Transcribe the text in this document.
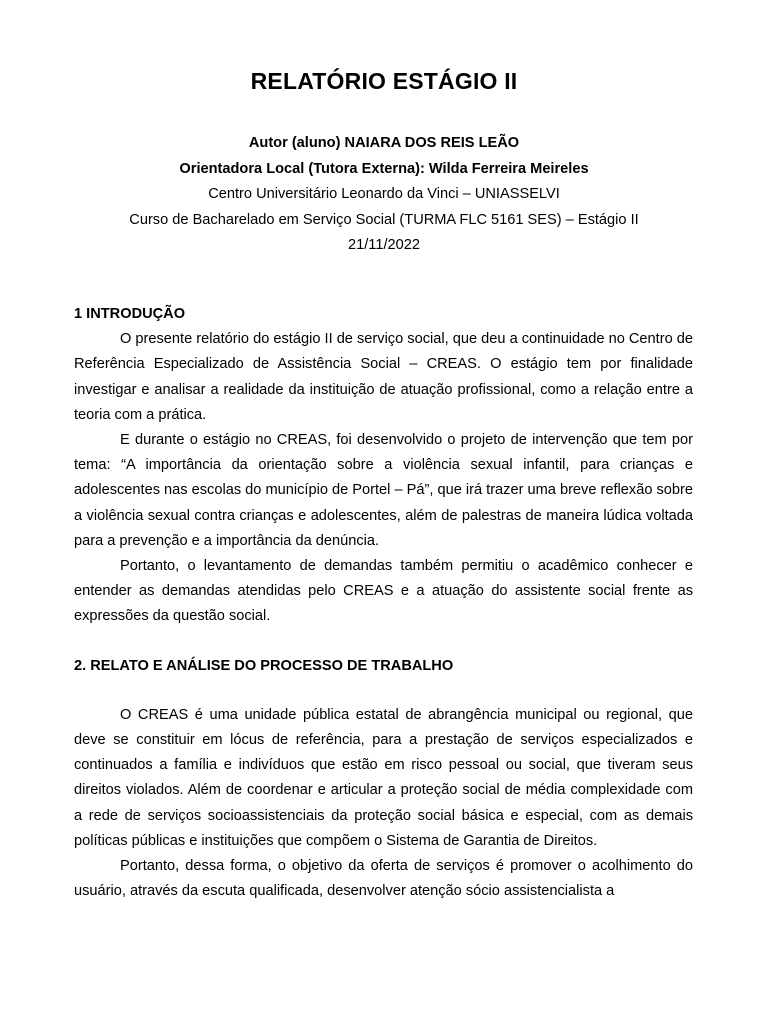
RELATÓRIO ESTÁGIO II
Autor (aluno) NAIARA DOS REIS LEÃO
Orientadora Local (Tutora Externa): Wilda Ferreira Meireles
Centro Universitário Leonardo da Vinci – UNIASSELVI
Curso de Bacharelado em Serviço Social (TURMA FLC 5161 SES) – Estágio II
21/11/2022

1 INTRODUÇÃO

O presente relatório do estágio II de serviço social, que deu a continuidade no Centro de Referência Especializado de Assistência Social – CREAS. O estágio tem por finalidade investigar e analisar a realidade da instituição de atuação profissional, como a relação entre a teoria com a prática.

E durante o estágio no CREAS, foi desenvolvido o projeto de intervenção que tem por tema: “A importância da orientação sobre a violência sexual infantil, para crianças e adolescentes nas escolas do município de Portel – Pá”, que irá trazer uma breve reflexão sobre a violência sexual contra crianças e adolescentes, além de palestras de maneira lúdica voltada para a prevenção e a importância da denúncia.

Portanto, o levantamento de demandas também permitiu o acadêmico conhecer e entender as demandas atendidas pelo CREAS e a atuação do assistente social frente as expressões da questão social.

2. RELATO E ANÁLISE DO PROCESSO DE TRABALHO

O CREAS é uma unidade pública estatal de abrangência municipal ou regional, que deve se constituir em lócus de referência, para a prestação de serviços especializados e continuados a família e indivíduos que estão em risco pessoal ou social, que tiveram seus direitos violados. Além de coordenar e articular a proteção social de média complexidade com a rede de serviços socioassistenciais da proteção social básica e especial, com as demais políticas públicas e instituições que compõem o Sistema de Garantia de Direitos.

Portanto, dessa forma, o objetivo da oferta de serviços é promover o acolhimento do usuário, através da escuta qualificada, desenvolver atenção sócio assistencialista a
